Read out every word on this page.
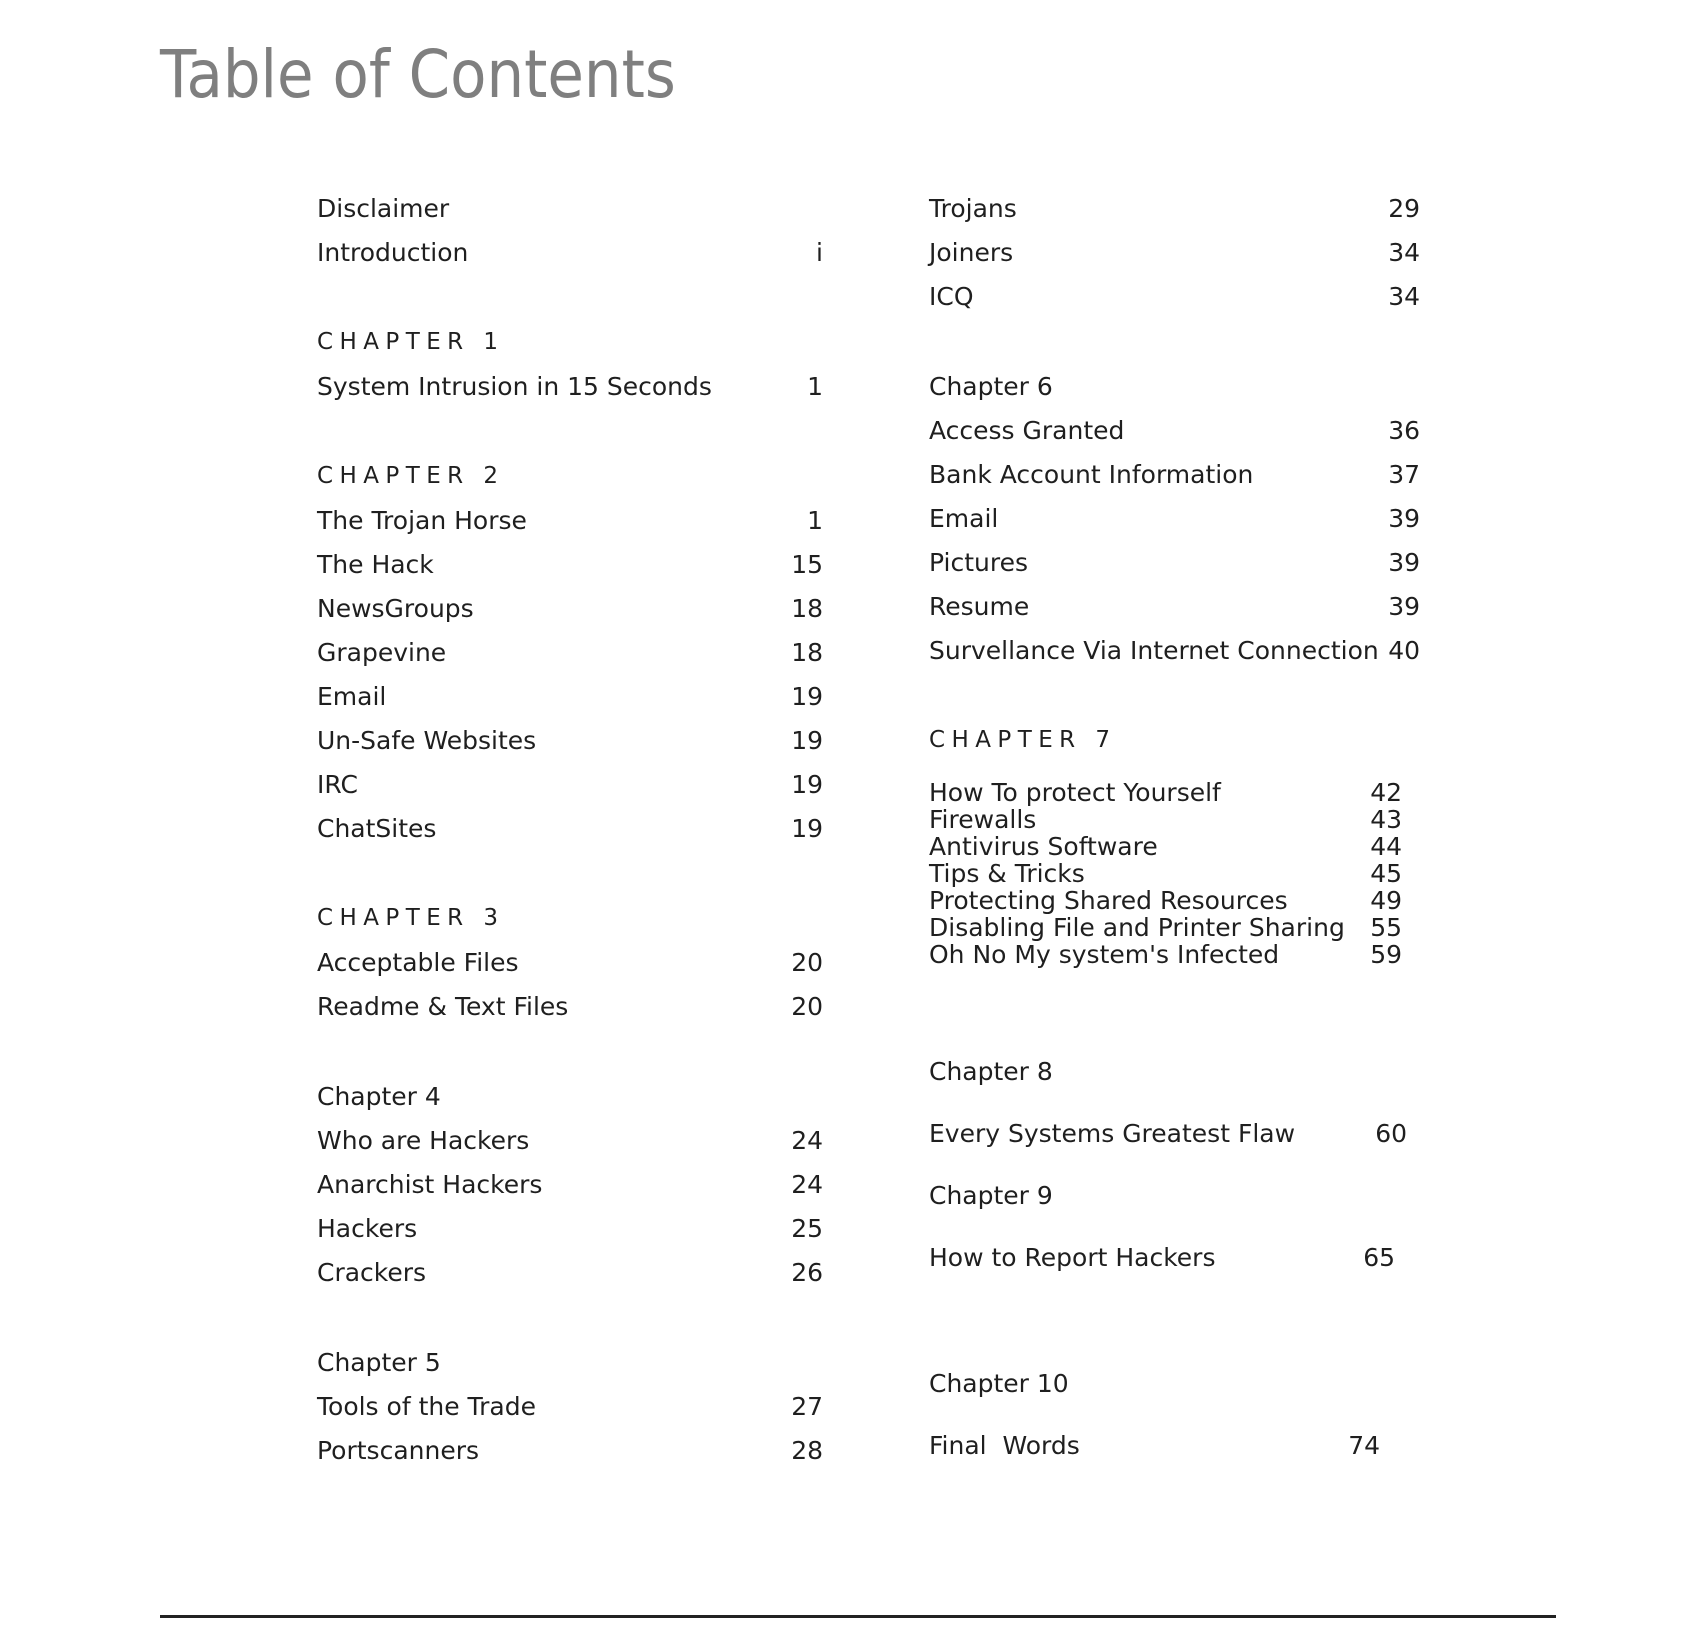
Table of Contents
Disclaimer
Introduction	i
CHAPTER 1
System Intrusion in 15 Seconds	1
CHAPTER 2
The Trojan Horse	1
The Hack	15
NewsGroups	18
Grapevine	18
Email	19
Un-Safe Websites	19
IRC	19
ChatSites	19
CHAPTER 3
Acceptable Files	20
Readme & Text Files	20
Chapter 4
Who are Hackers	24
Anarchist Hackers	24
Hackers	25
Crackers	26
Chapter 5
Tools of the Trade	27
Portscanners	28
Trojans	29
Joiners	34
ICQ	34
Chapter 6
Access Granted	36
Bank Account Information	37
Email	39
Pictures	39
Resume	39
Survellance Via Internet Connection 40
CHAPTER 7
How To protect Yourself	42
Firewalls	43
Antivirus Software	44
Tips & Tricks	45
Protecting Shared Resources	49
Disabling File and Printer Sharing	55
Oh No My system's Infected	59
Chapter 8
Every Systems Greatest Flaw	60
Chapter 9
How to Report Hackers	65
Chapter 10
Final  Words	74
